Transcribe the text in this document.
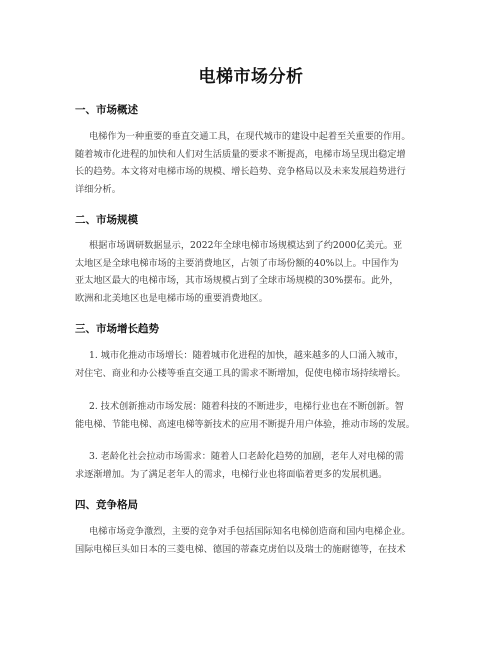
电梯市场分析
一、市场概述
电梯作为一种重要的垂直交通工具，在现代城市的建设中起着至关重要的作用。
随着城市化进程的加快和人们对生活质量的要求不断提高，电梯市场呈现出稳定增
长的趋势。本文将对电梯市场的规模、增长趋势、竞争格局以及未来发展趋势进行
详细分析。
二、市场规模
根据市场调研数据显示，2022年全球电梯市场规模达到了约2000亿美元。亚
太地区是全球电梯市场的主要消费地区，占领了市场份额的40%以上。中国作为
亚太地区最大的电梯市场，其市场规模占到了全球市场规模的30%摆布。此外，
欧洲和北美地区也是电梯市场的重要消费地区。
三、市场增长趋势
1. 城市化推动市场增长：随着城市化进程的加快，越来越多的人口涌入城市，
对住宅、商业和办公楼等垂直交通工具的需求不断增加，促使电梯市场持续增长。
2. 技术创新推动市场发展：随着科技的不断进步，电梯行业也在不断创新。智
能电梯、节能电梯、高速电梯等新技术的应用不断提升用户体验，推动市场的发展。
3. 老龄化社会拉动市场需求：随着人口老龄化趋势的加剧，老年人对电梯的需
求逐渐增加。为了满足老年人的需求，电梯行业也将面临着更多的发展机遇。
四、竞争格局
电梯市场竞争激烈，主要的竞争对手包括国际知名电梯创造商和国内电梯企业。
国际电梯巨头如日本的三菱电梯、德国的蒂森克虏伯以及瑞士的施耐德等，在技术
